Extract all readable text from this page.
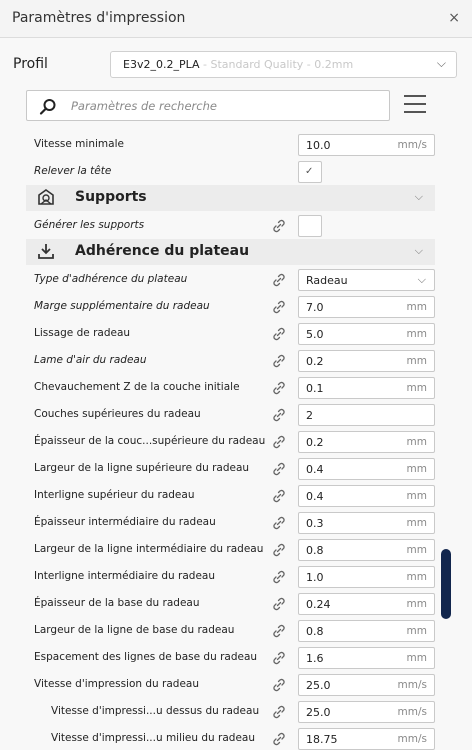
Paramètres d'impression	×
Profil	E3v2_0.2_PLA - Standard Quality - 0.2mm	⌵
Paramètres de recherche
Vitesse minimale	10.0	mm/s
Relever la tête	✓
Supports	⌵
Générer les supports
Adhérence du plateau	⌵
Type d'adhérence du plateau	Radeau	⌵
Marge supplémentaire du radeau	7.0	mm
Lissage de radeau	5.0	mm
Lame d'air du radeau	0.2	mm
Chevauchement Z de la couche initiale	0.1	mm
Couches supérieures du radeau	2
Épaisseur de la couc...supérieure du radeau	0.2	mm
Largeur de la ligne supérieure du radeau	0.4	mm
Interligne supérieur du radeau	0.4	mm
Épaisseur intermédiaire du radeau	0.3	mm
Largeur de la ligne intermédiaire du radeau	0.8	mm
Interligne intermédiaire du radeau	1.0	mm
Épaisseur de la base du radeau	0.24	mm
Largeur de la ligne de base du radeau	0.8	mm
Espacement des lignes de base du radeau	1.6	mm
Vitesse d'impression du radeau	25.0	mm/s
Vitesse d'impressi...u dessus du radeau	25.0	mm/s
Vitesse d'impressi...u milieu du radeau	18.75	mm/s
